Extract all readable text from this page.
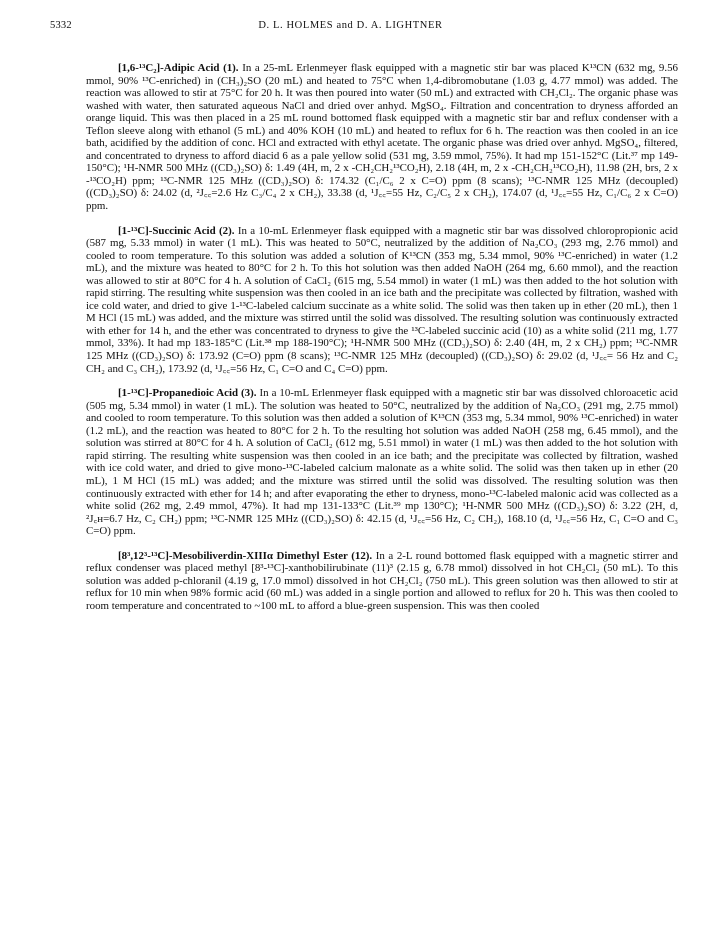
5332	D. L. HOLMES and D. A. LIGHTNER

[1,6-¹³C₂]-Adipic Acid (1). In a 25-mL Erlenmeyer flask equipped with a magnetic stir bar was placed K¹³CN (632 mg, 9.56 mmol, 90% ¹³C-enriched) in (CH₃)₂SO (20 mL) and heated to 75°C when 1,4-dibromobutane (1.03 g, 4.77 mmol) was added. The reaction was allowed to stir at 75°C for 20 h. It was then poured into water (50 mL) and extracted with CH₂Cl₂. The organic phase was washed with water, then saturated aqueous NaCl and dried over anhyd. MgSO₄. Filtration and concentration to dryness afforded an orange liquid. This was then placed in a 25 mL round bottomed flask equipped with a magnetic stir bar and reflux condenser with a Teflon sleeve along with ethanol (5 mL) and 40% KOH (10 mL) and heated to reflux for 6 h. The reaction was then cooled in an ice bath, acidified by the addition of conc. HCl and extracted with ethyl acetate. The organic phase was dried over anhyd. MgSO₄, filtered, and concentrated to dryness to afford diacid 6 as a pale yellow solid (531 mg, 3.59 mmol, 75%). It had mp 151-152°C (Lit.³⁷ mp 149-150°C); ¹H-NMR 500 MHz ((CD₃)₂SO) δ: 1.49 (4H, m, 2 x -CH₂CH₂¹³CO₂H), 2.18 (4H, m, 2 x -CH₂CH₂¹³CO₂H), 11.98 (2H, brs, 2 x -¹³CO₂H) ppm; ¹³C-NMR 125 MHz ((CD₃)₂SO) δ: 174.32 (C₁/C₆ 2 x C=O) ppm (8 scans); ¹³C-NMR 125 MHz (decoupled) ((CD₃)₂SO) δ: 24.02 (d, ²J꜀꜀=2.6 Hz C₃/C₄ 2 x CH₂), 33.38 (d, ¹J꜀꜀=55 Hz, C₂/C₅ 2 x CH₂), 174.07 (d, ¹J꜀꜀=55 Hz, C₁/C₆ 2 x C=O) ppm.

[1-¹³C]-Succinic Acid (2). In a 10-mL Erlenmeyer flask equipped with a magnetic stir bar was dissolved chloropropionic acid (587 mg, 5.33 mmol) in water (1 mL). This was heated to 50°C, neutralized by the addition of Na₂CO₃ (293 mg, 2.76 mmol) and cooled to room temperature. To this solution was added a solution of K¹³CN (353 mg, 5.34 mmol, 90% ¹³C-enriched) in water (1.2 mL), and the mixture was heated to 80°C for 2 h. To this hot solution was then added NaOH (264 mg, 6.60 mmol), and the reaction was allowed to stir at 80°C for 4 h. A solution of CaCl₂ (615 mg, 5.54 mmol) in water (1 mL) was then added to the hot solution with rapid stirring. The resulting white suspension was then cooled in an ice bath and the precipitate was collected by filtration, washed with ice cold water, and dried to give 1-¹³C-labeled calcium succinate as a white solid. The solid was then taken up in ether (20 mL), then 1 M HCl (15 mL) was added, and the mixture was stirred until the solid was dissolved. The resulting solution was continuously extracted with ether for 14 h, and the ether was concentrated to dryness to give the ¹³C-labeled succinic acid (10) as a white solid (211 mg, 1.77 mmol, 33%). It had mp 183-185°C (Lit.³⁸ mp 188-190°C); ¹H-NMR 500 MHz ((CD₃)₂SO) δ: 2.40 (4H, m, 2 x CH₂) ppm; ¹³C-NMR 125 MHz ((CD₃)₂SO) δ: 173.92 (C=O) ppm (8 scans); ¹³C-NMR 125 MHz (decoupled) ((CD₃)₂SO) δ: 29.02 (d, ¹J꜀꜀= 56 Hz and C₂ CH₂ and C₃ CH₂), 173.92 (d, ¹J꜀꜀=56 Hz, C₁ C=O and C₄ C=O) ppm.

[1-¹³C]-Propanedioic Acid (3). In a 10-mL Erlenmeyer flask equipped with a magnetic stir bar was dissolved chloroacetic acid (505 mg, 5.34 mmol) in water (1 mL). The solution was heated to 50°C, neutralized by the addition of Na₂CO₃ (291 mg, 2.75 mmol) and cooled to room temperature. To this solution was then added a solution of K¹³CN (353 mg, 5.34 mmol, 90% ¹³C-enriched) in water (1.2 mL), and the reaction was heated to 80°C for 2 h. To the resulting hot solution was added NaOH (258 mg, 6.45 mmol), and the solution was stirred at 80°C for 4 h. A solution of CaCl₂ (612 mg, 5.51 mmol) in water (1 mL) was then added to the hot solution with rapid stirring. The resulting white suspension was then cooled in an ice bath; and the precipitate was collected by filtration, washed with ice cold water, and dried to give mono-¹³C-labeled calcium malonate as a white solid. The solid was then taken up in ether (20 mL), 1 M HCl (15 mL) was added; and the mixture was stirred until the solid was dissolved. The resulting solution was then continuously extracted with ether for 14 h; and after evaporating the ether to dryness, mono-¹³C-labeled malonic acid was collected as a white solid (262 mg, 2.49 mmol, 47%). It had mp 131-133°C (Lit.³⁹ mp 130°C); ¹H-NMR 500 MHz ((CD₃)₂SO) δ: 3.22 (2H, d, ²J꜀ʜ=6.7 Hz, C₂ CH₂) ppm; ¹³C-NMR 125 MHz ((CD₃)₂SO) δ: 42.15 (d, ¹J꜀꜀=56 Hz, C₂ CH₂), 168.10 (d, ¹J꜀꜀=56 Hz, C₁ C=O and C₃ C=O) ppm.

[8³,12³-¹³C]-Mesobiliverdin-XIIIα Dimethyl Ester (12). In a 2-L round bottomed flask equipped with a magnetic stirrer and reflux condenser was placed methyl [8³-¹³C]-xanthobilirubinate (11)³ (2.15 g, 6.78 mmol) dissolved in hot CH₂Cl₂ (50 mL). To this solution was added p-chloranil (4.19 g, 17.0 mmol) dissolved in hot CH₂Cl₂ (750 mL). This green solution was then allowed to stir at reflux for 10 min when 98% formic acid (60 mL) was added in a single portion and allowed to reflux for 20 h. This was then cooled to room temperature and concentrated to ~100 mL to afford a blue-green suspension. This was then cooled
